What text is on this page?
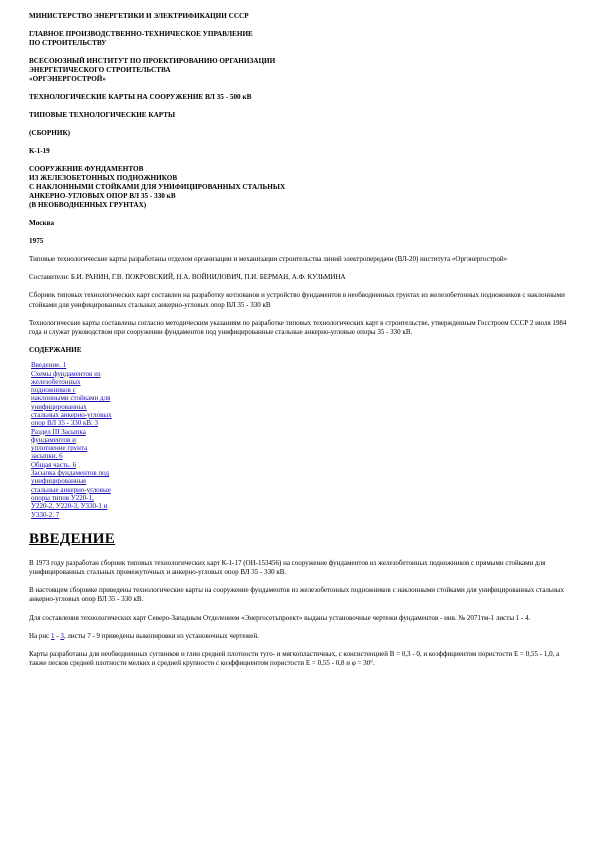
МИНИСТЕРСТВО ЭНЕРГЕТИКИ И ЭЛЕКТРИФИКАЦИИ СССР
ГЛАВНОЕ ПРОИЗВОДСТВЕННО-ТЕХНИЧЕСКОЕ УПРАВЛЕНИЕ
ПО СТРОИТЕЛЬСТВУ
ВСЕСОЮЗНЫЙ ИНСТИТУТ ПО ПРОЕКТИРОВАНИЮ ОРГАНИЗАЦИИ
ЭНЕРГЕТИЧЕСКОГО СТРОИТЕЛЬСТВА
«ОРГЭНЕРГОСТРОЙ»
ТЕХНОЛОГИЧЕСКИЕ КАРТЫ НА СООРУЖЕНИЕ ВЛ 35 - 500 кВ
ТИПОВЫЕ ТЕХНОЛОГИЧЕСКИЕ КАРТЫ
(СБОРНИК)
К-1-19
СООРУЖЕНИЕ ФУНДАМЕНТОВ
ИЗ ЖЕЛЕЗОБЕТОННЫХ ПОДНОЖНИКОВ
С НАКЛОННЫМИ СТОЙКАМИ ДЛЯ УНИФИЦИРОВАННЫХ СТАЛЬНЫХ
АНКЕРНО-УГЛОВЫХ ОПОР ВЛ 35 - 330 кВ
(В НЕОБВОДНЕННЫХ ГРУНТАХ)
Москва
1975
Типовые технологические карты разработаны отделом организации и механизации строительства линий электропередачи (ВЛ-20) института «Оргэнергострой»
Составители: Б.И. РАНИН, Г.В. ПОКРОВСКИЙ, Н.А. ВОЙНИЛОВИЧ, П.И. БЕРМАН, А.Ф. КУЗЬМИНА
Сборник типовых технологических карт составлен на разработку котлованов и устройство фундаментов в необводненных грунтах из железобетонных подножников с наклонными стойками для унифицированных стальных анкерно-угловых опор ВЛ 35 - 330 кВ
Технологические карты составлены согласно методическим указаниям по разработке типовых технологических карт в строительстве, утвержденным Госстроем СССР 2 июля 1984 года и служат руководством при сооружении фундаментов под унифицированные стальные анкерно-угловые опоры 35 - 330 кВ.
СОДЕРЖАНИЕ
Введение. 1
Схемы фундаментов из
железобетонных
подножников с
наклонными стойками для
унифицированных
стальных анкерно-угловых
опор ВЛ 35 - 330 кВ. 3
Раздел III Засыпка
фундаментов и
уплотнение грунта
засыпки. 6
Общая часть. 6
Засыпка фундаментов под
унифицированные
стальные анкерно-угловые
опоры типов У220-1,
У220-2, У220-3, У330-1 и
У330-2. 7
ВВЕДЕНИЕ
В 1973 году разработан сборник типовых технологических карт К-1-17 (ОН-153456) на сооружение фундаментов из железобетонных подножников с прямыми стойками для унифицированных стальных промежуточных и анкерно-угловых опор ВЛ 35 - 330 кВ.
В настоящем сборнике приведены технологические карты на сооружение фундаментов из железобетонных подножников с наклонными стойками для унифицированных стальных анкерно-угловых опор ВЛ 35 - 330 кВ.
Для составления технологических карт Северо-Западным Отделением «Энергосетьпроект» выданы установочные чертежи фундаментов - инв. № 2071тм-1 листы 1 - 4.
На рис 1 - 3, листы 7 - 9 приведены выкопировки из установочных чертежей.
Карты разработаны для необводненных суглинков и глин средней плотности туго- и мягкопластичных, с консистенцией В = 0,3 - 0, и коэффициентом пористости Е = 0,55 - 1,0, а также песков средней плотности мелких и средней крупности с коэффициентом пористости Е = 0,55 - 0,8 и φ = 30°.
